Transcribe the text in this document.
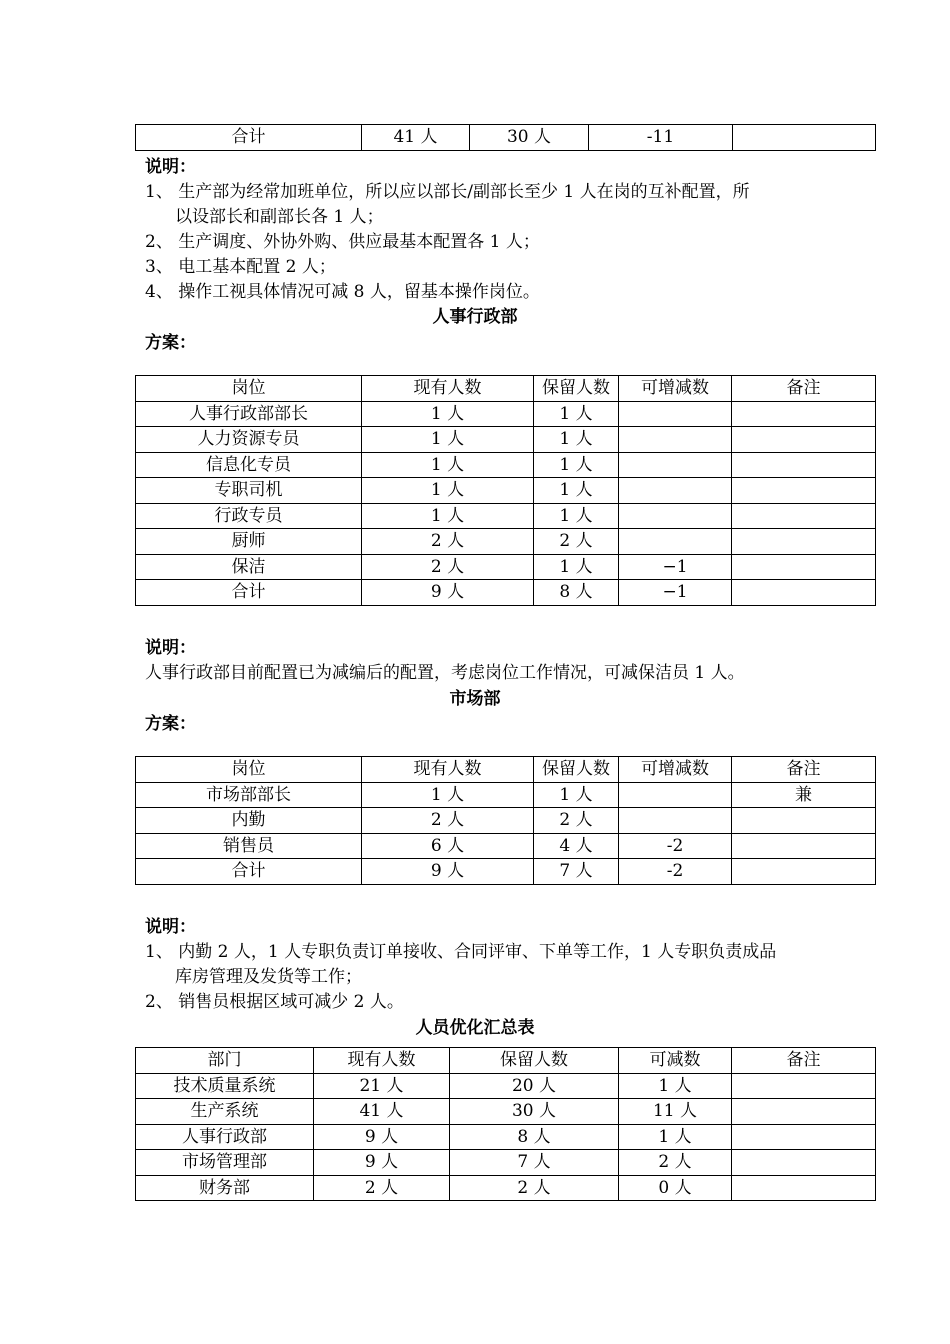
合计	41 人	30 人	-11	
说明：
1、 生产部为经常加班单位，所以应以部长/副部长至少 1 人在岗的互补配置，所
以设部长和副部长各 1 人；
2、 生产调度、外协外购、供应最基本配置各 1 人；
3、 电工基本配置 2 人；
4、 操作工视具体情况可减 8 人，留基本操作岗位。
人事行政部
方案：
岗位	现有人数	保留人数	可增减数	备注
人事行政部部长	1 人	1 人		
人力资源专员	1 人	1 人		
信息化专员	1 人	1 人		
专职司机	1 人	1 人		
行政专员	1 人	1 人		
厨师	2 人	2 人		
保洁	2 人	1 人	−1	
合计	9 人	8 人	−1	
说明：
人事行政部目前配置已为减编后的配置，考虑岗位工作情况，可减保洁员 1 人。
市场部
方案：
岗位	现有人数	保留人数	可增减数	备注
市场部部长	1 人	1 人		兼
内勤	2 人	2 人		
销售员	6 人	4 人	-2	
合计	9 人	7 人	-2	
说明：
1、 内勤 2 人，1 人专职负责订单接收、合同评审、下单等工作，1 人专职负责成品
库房管理及发货等工作；
2、 销售员根据区域可减少 2 人。
人员优化汇总表
部门	现有人数	保留人数	可减数	备注
技术质量系统	21 人	20 人	1 人	
生产系统	41 人	30 人	11 人	
人事行政部	9 人	8 人	1 人	
市场管理部	9 人	7 人	2 人	
财务部	2 人	2 人	0 人	
